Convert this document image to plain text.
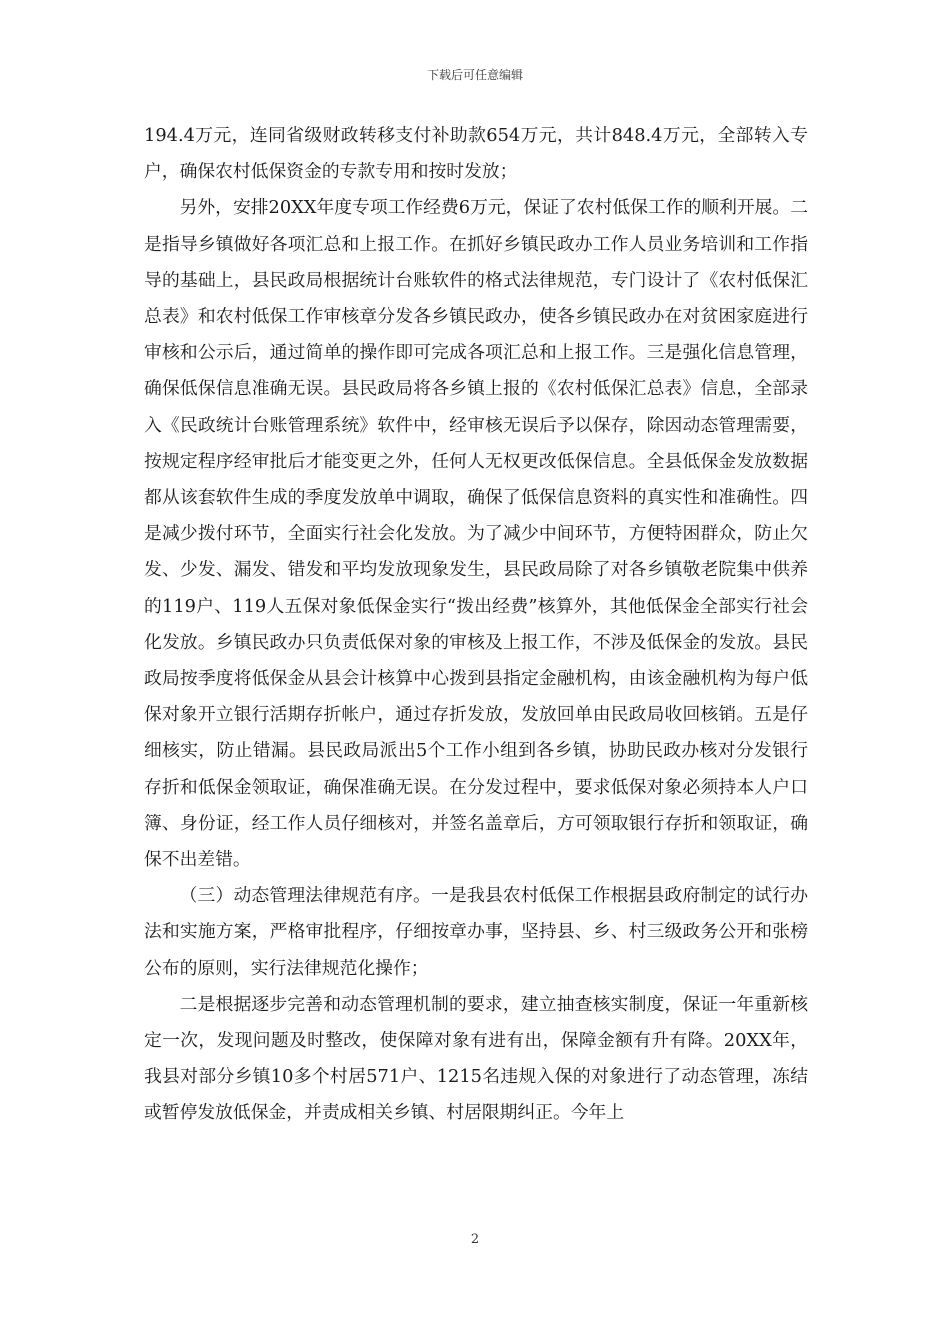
下载后可任意编辑

194.4万元，连同省级财政转移支付补助款654万元，共计848.4万元，全部转入专户，确保农村低保资金的专款专用和按时发放；

另外，安排20XX年度专项工作经费6万元，保证了农村低保工作的顺利开展。二是指导乡镇做好各项汇总和上报工作。在抓好乡镇民政办工作人员业务培训和工作指导的基础上，县民政局根据统计台账软件的格式法律规范，专门设计了《农村低保汇总表》和农村低保工作审核章分发各乡镇民政办，使各乡镇民政办在对贫困家庭进行审核和公示后，通过简单的操作即可完成各项汇总和上报工作。三是强化信息管理，确保低保信息准确无误。县民政局将各乡镇上报的《农村低保汇总表》信息，全部录入《民政统计台账管理系统》软件中，经审核无误后予以保存，除因动态管理需要，按规定程序经审批后才能变更之外，任何人无权更改低保信息。全县低保金发放数据都从该套软件生成的季度发放单中调取，确保了低保信息资料的真实性和准确性。四是减少拨付环节，全面实行社会化发放。为了减少中间环节，方便特困群众，防止欠发、少发、漏发、错发和平均发放现象发生，县民政局除了对各乡镇敬老院集中供养的119户、119人五保对象低保金实行“拨出经费”核算外，其他低保金全部实行社会化发放。乡镇民政办只负责低保对象的审核及上报工作，不涉及低保金的发放。县民政局按季度将低保金从县会计核算中心拨到县指定金融机构，由该金融机构为每户低保对象开立银行活期存折帐户，通过存折发放，发放回单由民政局收回核销。五是仔细核实，防止错漏。县民政局派出5个工作小组到各乡镇，协助民政办核对分发银行存折和低保金领取证，确保准确无误。在分发过程中，要求低保对象必须持本人户口簿、身份证，经工作人员仔细核对，并签名盖章后，方可领取银行存折和领取证，确保不出差错。

（三）动态管理法律规范有序。一是我县农村低保工作根据县政府制定的试行办法和实施方案，严格审批程序，仔细按章办事，坚持县、乡、村三级政务公开和张榜公布的原则，实行法律规范化操作；

二是根据逐步完善和动态管理机制的要求，建立抽查核实制度，保证一年重新核定一次，发现问题及时整改，使保障对象有进有出，保障金额有升有降。20XX年，我县对部分乡镇10多个村居571户、1215名违规入保的对象进行了动态管理，冻结或暂停发放低保金，并责成相关乡镇、村居限期纠正。今年上

2
